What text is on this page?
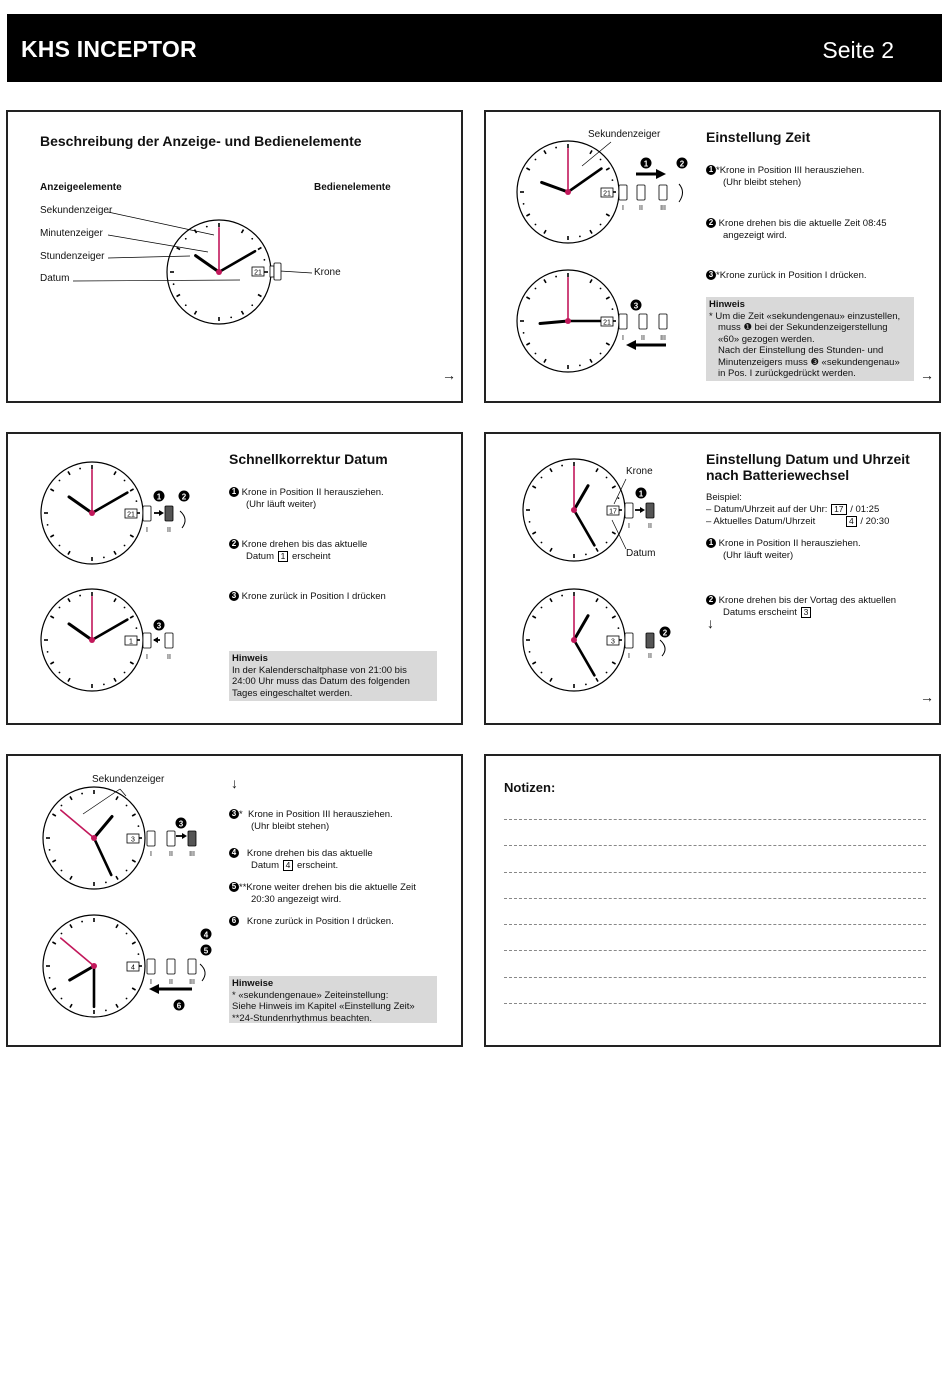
KHS INCEPTOR	Seite 2
Beschreibung der Anzeige- und Bedienelemente
Anzeigeelemente	Bedienelemente
Sekundenzeiger
Minutenzeiger
Stundenzeiger
Datum
Krone
21
→
21
1	2
I II III
21
3
I II III
Sekundenzeiger	Einstellung Zeit
1 *Krone in Position III herausziehen.
(Uhr bleibt stehen)
2 Krone drehen bis die aktuelle Zeit 08:45
angezeigt wird.
3 *Krone zurück in Position I drücken.
Hinweis
* Um die Zeit «sekundengenau» einzustellen,
muss ❶ bei der Sekundenzeigerstellung
«60» gezogen werden.
Nach der Einstellung des Stunden- und
Minutenzeigers muss ❸ «sekundengenau»
in Pos. I zurückgedrückt werden.	→
21
1	2
I	II
1
3
I	II
Schnellkorrektur Datum
1 Krone in Position II herausziehen.
(Uhr läuft weiter)
2 Krone drehen bis das aktuelle
Datum 1 erscheint
3 Krone zurück in Position I drücken
Hinweis
In der Kalenderschaltphase von 21:00 bis
24:00 Uhr muss das Datum des folgenden
Tages eingeschaltet werden.
17
1
I	II
3
2
I	II
Krone
Datum
Einstellung Datum und Uhrzeit
nach Batteriewechsel
Beispiel:
– Datum/Uhrzeit auf der Uhr: 17 / 01:25
– Aktuelles Datum/Uhrzeit	4 / 20:30
1 Krone in Position II herausziehen.
(Uhr läuft weiter)
2 Krone drehen bis der Vortag des aktuellen
Datums erscheint 3
↓
→
3
3
I II III
4
4
5
6
I II III
Sekundenzeiger	↓
3 *  Krone in Position III herausziehen.
(Uhr bleibt stehen)
4 Krone drehen bis das aktuelle
Datum 4 erscheint.
5 **Krone weiter drehen bis die aktuelle Zeit
20:30 angezeigt wird.
6 Krone zurück in Position I drücken.
Hinweise
* «sekundengenaue» Zeiteinstellung:
Siehe Hinweis im Kapitel «Einstellung Zeit»
**24-Stundenrhythmus beachten.
Notizen:
